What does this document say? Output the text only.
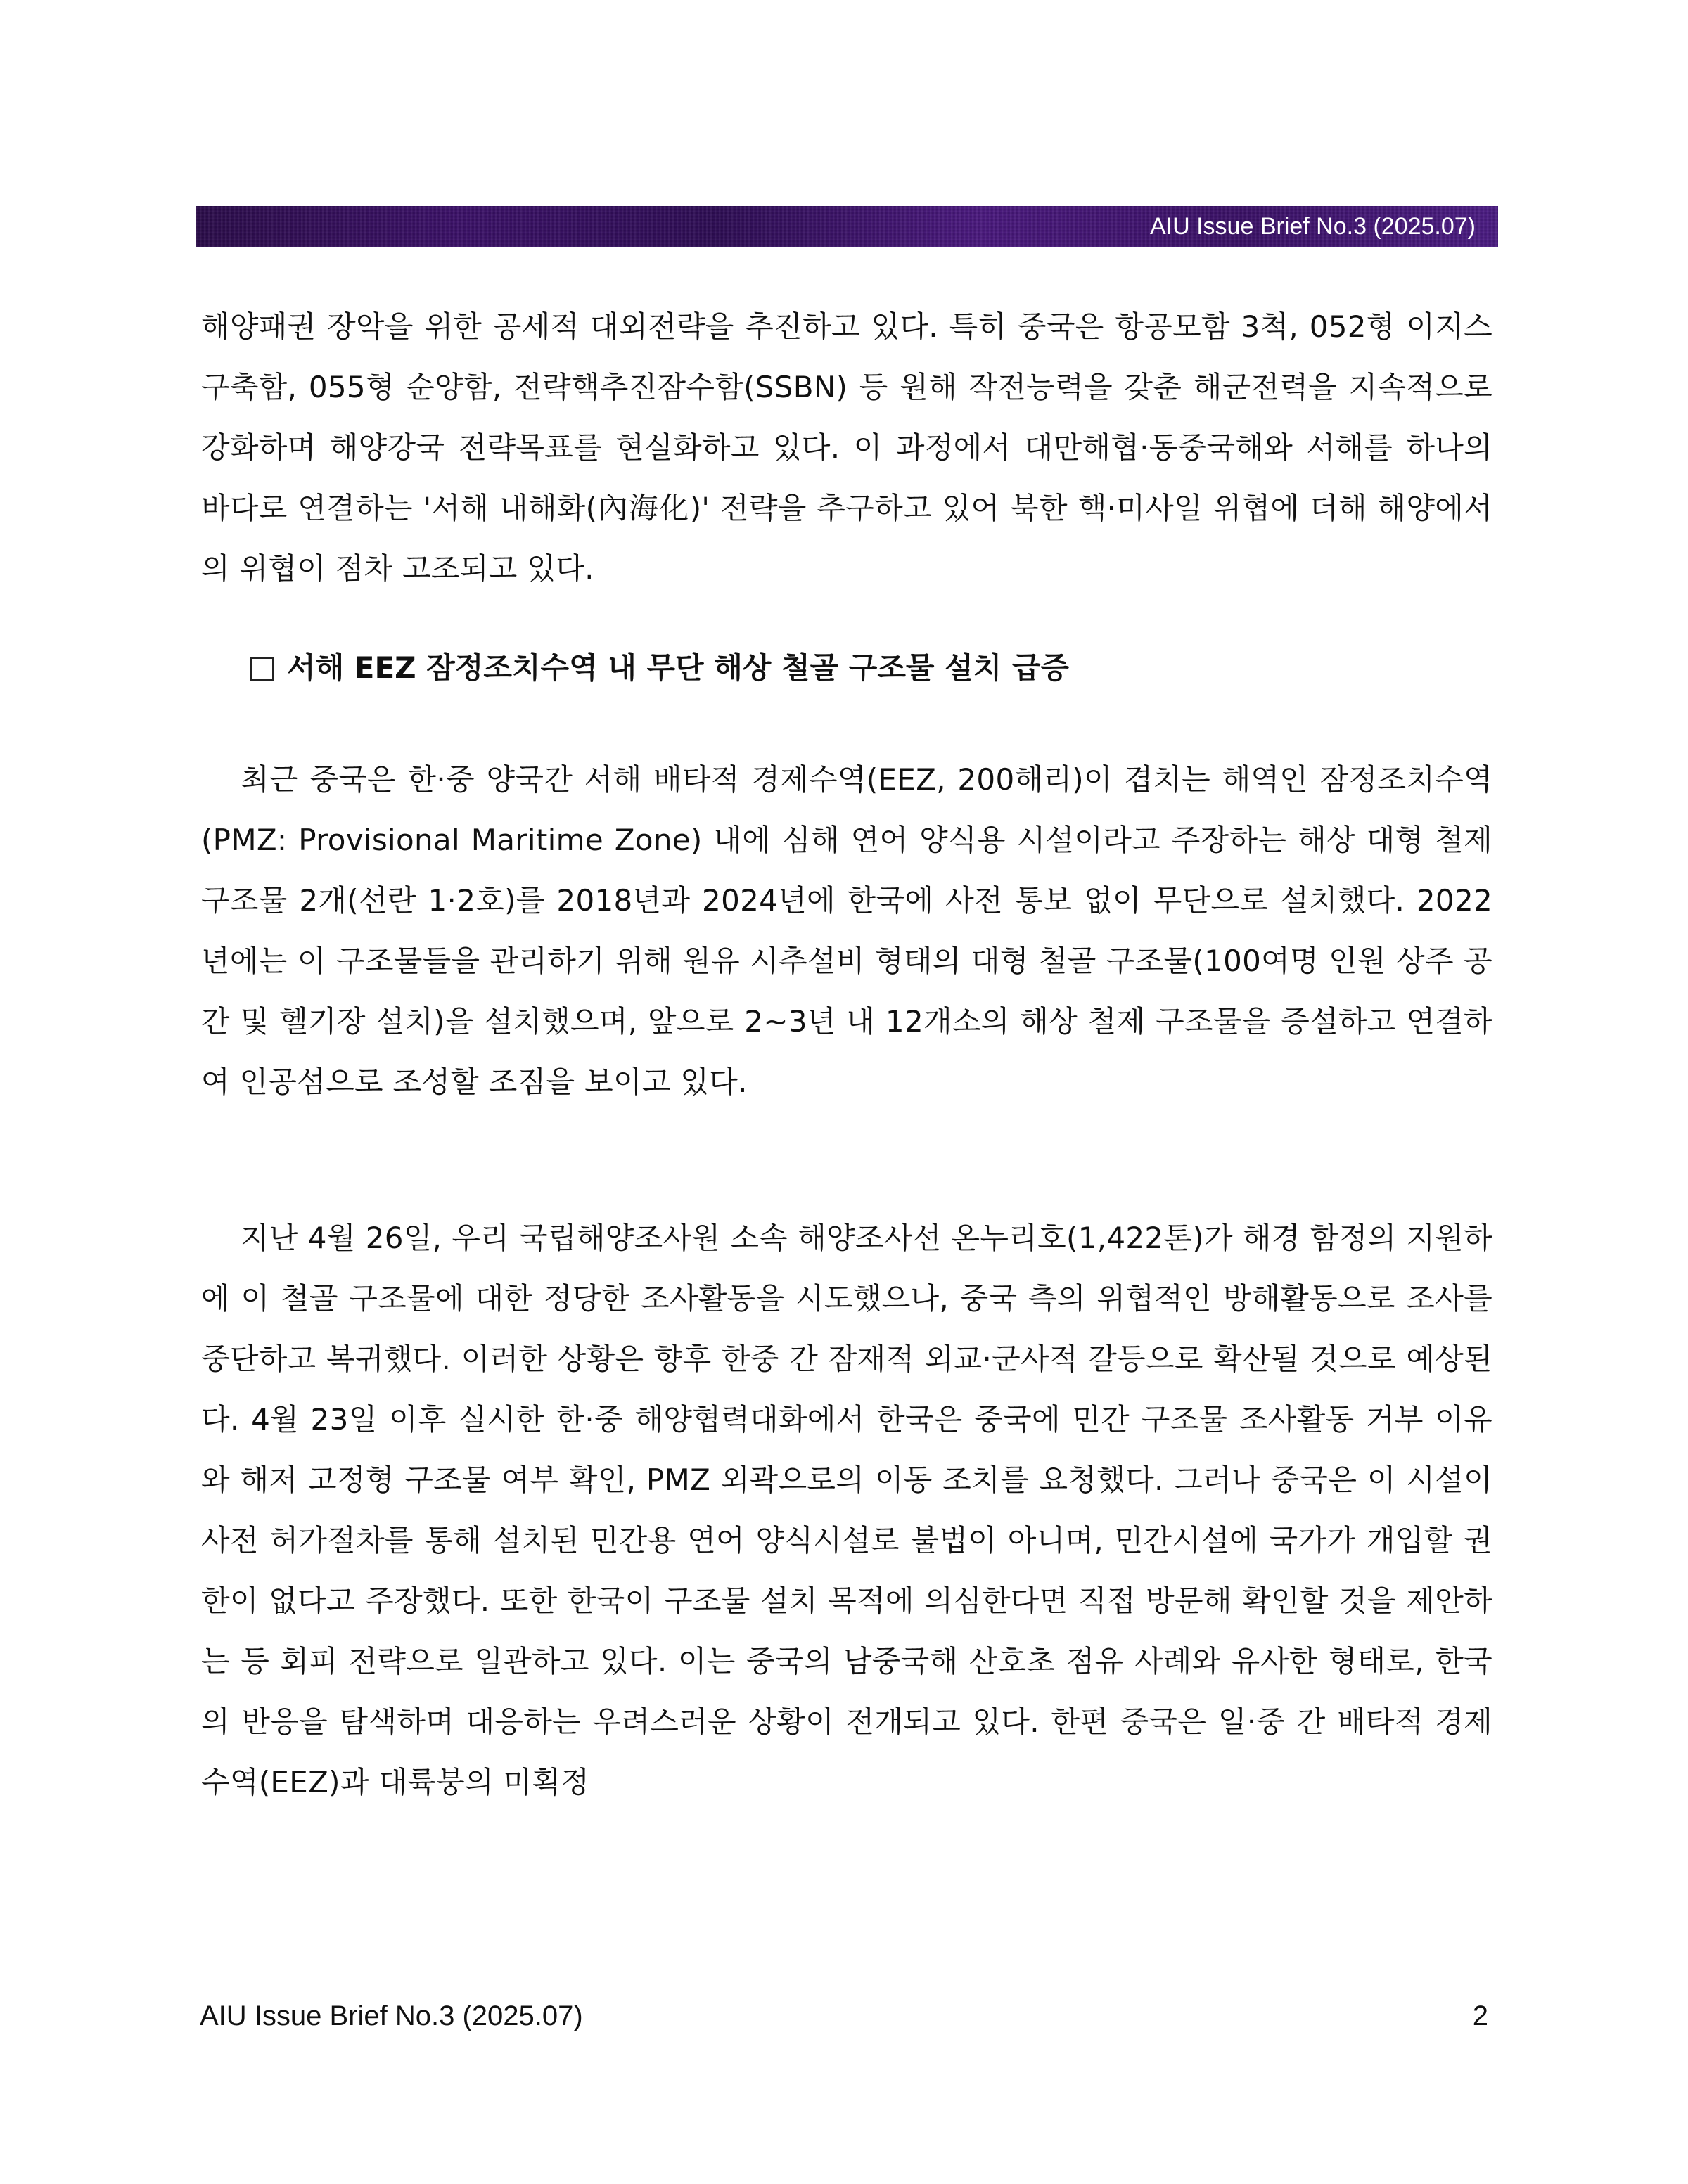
AIU Issue Brief No.3 (2025.07)

해양패권 장악을 위한 공세적 대외전략을 추진하고 있다. 특히 중국은 항공모함 3척, 052형 이지스구축함, 055형 순양함, 전략핵추진잠수함(SSBN) 등 원해 작전능력을 갖춘 해군전력을 지속적으로 강화하며 해양강국 전략목표를 현실화하고 있다. 이 과정에서 대만해협·동중국해와 서해를 하나의 바다로 연결하는 '서해 내해화(內海化)' 전략을 추구하고 있어 북한 핵·미사일 위협에 더해 해양에서의 위협이 점차 고조되고 있다.

서해 EEZ 잠정조치수역 내 무단 해상 철골 구조물 설치 급증

최근 중국은 한·중 양국간 서해 배타적 경제수역(EEZ, 200해리)이 겹치는 해역인 잠정조치수역(PMZ: Provisional Maritime Zone) 내에 심해 연어 양식용 시설이라고 주장하는 해상 대형 철제 구조물 2개(선란 1·2호)를 2018년과 2024년에 한국에 사전 통보 없이 무단으로 설치했다. 2022년에는 이 구조물들을 관리하기 위해 원유 시추설비 형태의 대형 철골 구조물(100여명 인원 상주 공간 및 헬기장 설치)을 설치했으며, 앞으로 2~3년 내 12개소의 해상 철제 구조물을 증설하고 연결하여 인공섬으로 조성할 조짐을 보이고 있다.

지난 4월 26일, 우리 국립해양조사원 소속 해양조사선 온누리호(1,422톤)가 해경 함정의 지원하에 이 철골 구조물에 대한 정당한 조사활동을 시도했으나, 중국 측의 위협적인 방해활동으로 조사를 중단하고 복귀했다. 이러한 상황은 향후 한중 간 잠재적 외교·군사적 갈등으로 확산될 것으로 예상된다. 4월 23일 이후 실시한 한·중 해양협력대화에서 한국은 중국에 민간 구조물 조사활동 거부 이유와 해저 고정형 구조물 여부 확인, PMZ 외곽으로의 이동 조치를 요청했다. 그러나 중국은 이 시설이 사전 허가절차를 통해 설치된 민간용 연어 양식시설로 불법이 아니며, 민간시설에 국가가 개입할 권한이 없다고 주장했다. 또한 한국이 구조물 설치 목적에 의심한다면 직접 방문해 확인할 것을 제안하는 등 회피 전략으로 일관하고 있다. 이는 중국의 남중국해 산호초 점유 사례와 유사한 형태로, 한국의 반응을 탐색하며 대응하는 우려스러운 상황이 전개되고 있다. 한편 중국은 일·중 간 배타적 경제수역(EEZ)과 대륙붕의 미획정

AIU Issue Brief No.3 (2025.07)	2
